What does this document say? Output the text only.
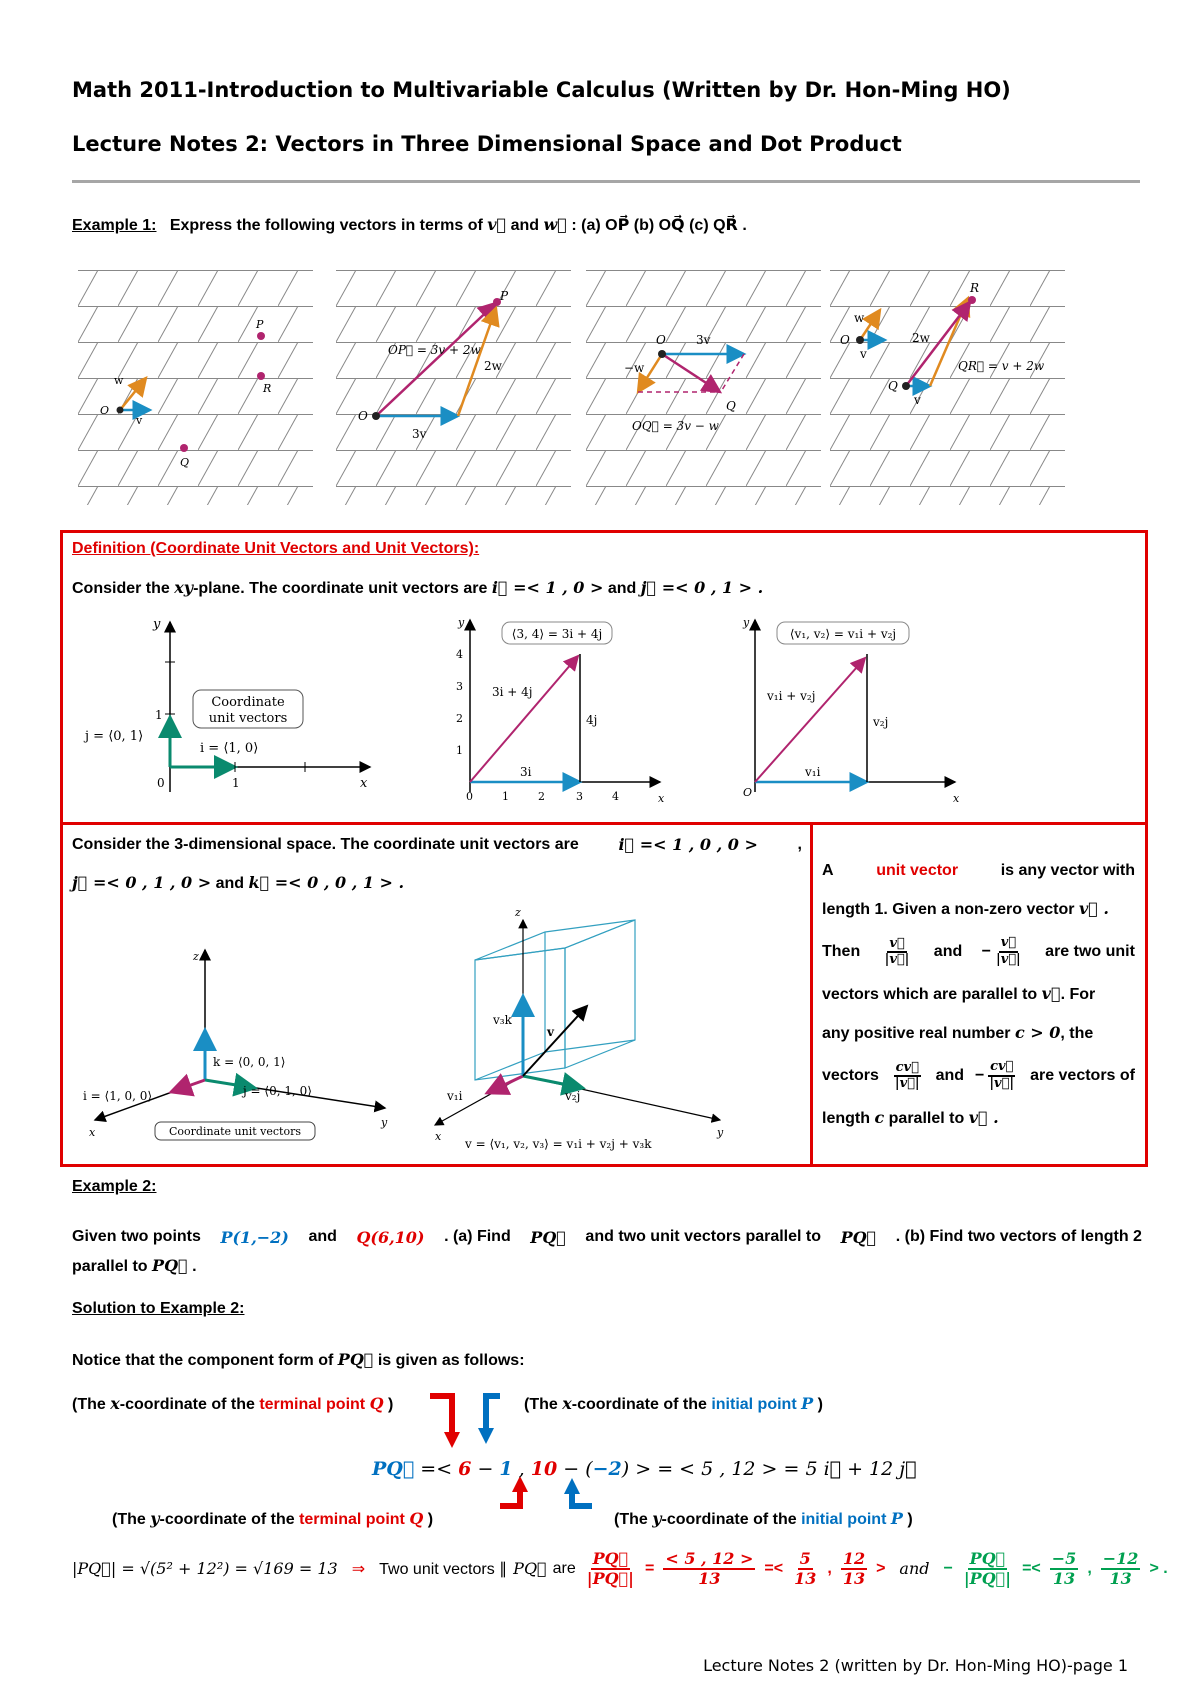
Math 2011-Introduction to Multivariable Calculus (Written by Dr. Hon-Ming HO)
Lecture Notes 2: Vectors in Three Dimensional Space and Dot Product
Example 1: Express the following vectors in terms of v⃗ and w⃗ : (a) OP⃗ (b) OQ⃗ (c) QR⃗ .
P
R
Q
O
w
v
OP⃗ = 3v + 2w
P
O
3v
2w
O	3v
−w
Q
OQ⃗ = 3v − w
R
O
w
v
2w
Q
v
QR⃗ = v + 2w
Definition (Coordinate Unit Vectors and Unit Vectors):
Consider the xy-plane. The coordinate unit vectors are i⃗ =< 1 , 0 > and j⃗ =< 0 , 1 > .
y
x
1
1
0
j = ⟨0, 1⟩
i = ⟨1, 0⟩
Coordinate
unit vectors
0	1	2	3	4
1
2
3
4
⟨3, 4⟩ = 3i + 4j
3i + 4j
4j
3i
y
x
⟨v₁, v₂⟩ = v₁i + v₂j
v₁i + v₂j
v₂j
v₁i
y
x
O
Consider the 3-dimensional space. The coordinate unit vectors are i⃗ =< 1 , 0 , 0 > ,
j⃗ =< 0 , 1 , 0 > and k⃗ =< 0 , 0 , 1 > .
z
x
y
k = ⟨0, 0, 1⟩
i = ⟨1, 0, 0⟩	j = ⟨0, 1, 0⟩
Coordinate unit vectors
z
x	y
v₃k
v
v₁i	v₂j
v = ⟨v₁, v₂, v₃⟩ = v₁i + v₂j + v₃k
A	unit vector	is any vector with
length 1. Given a non-zero vector v⃗ .
Then $\frac{v⃗}{|v⃗|}$ and − $\frac{v⃗}{|v⃗|}$ are two unit
vectors which are parallel to v⃗. For
any positive real number c > 0, the
vectors $\frac{cv⃗}{|v⃗|}$ and − $\frac{cv⃗}{|v⃗|}$ are vectors of
length c parallel to v⃗ .
Example 2:
Given two points P(1,−2) and Q(6,10) . (a) Find PQ⃗ and two unit vectors parallel to PQ⃗ . (b) Find two vectors of length 2
parallel to PQ⃗ .
Solution to Example 2:
Notice that the component form of PQ⃗ is given as follows:
(The x-coordinate of the terminal point Q )	(The x-coordinate of the initial point P )
PQ⃗ =< 6 − 1 , 10 − (−2) > = < 5 , 12 > = 5 i⃗ + 12 j⃗
(The y-coordinate of the terminal point Q )	(The y-coordinate of the initial point P )
|PQ⃗| = √(5² + 12²) = √169 = 13 ⇒ Two unit vectors ∥ PQ⃗ are $\frac{PQ⃗}{|PQ⃗|} = \frac{< 5 , 12 >}{13} =< \frac{5}{13}$ , $\frac{12}{13}$ > and − $\frac{PQ⃗}{|PQ⃗|} =< \frac{-5}{13}$ , $\frac{-12}{13}$ > .
Lecture Notes 2 (written by Dr. Hon-Ming HO)-page 1
